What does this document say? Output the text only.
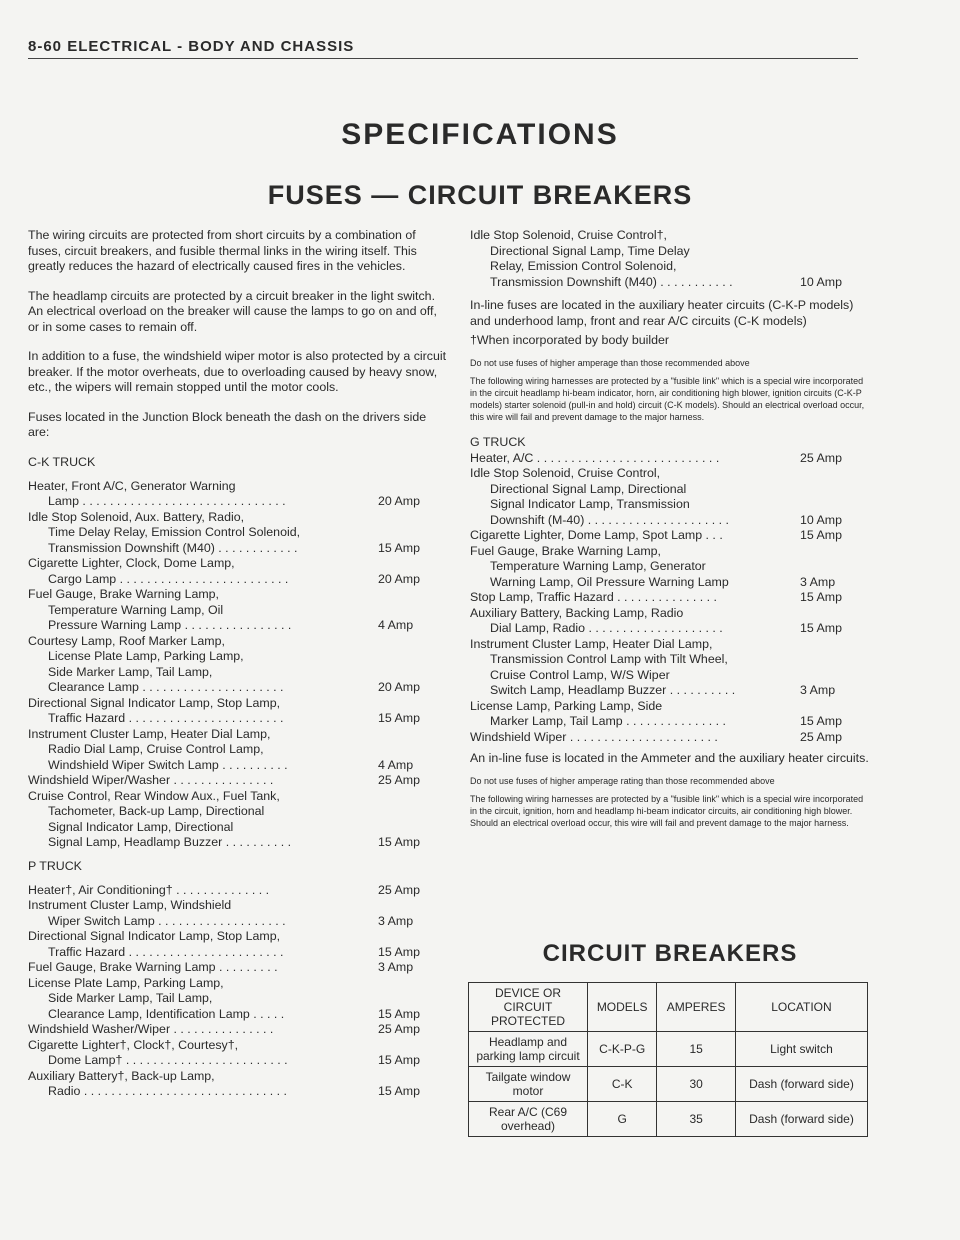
8-60 ELECTRICAL - BODY AND CHASSIS
SPECIFICATIONS
FUSES — CIRCUIT BREAKERS

The wiring circuits are protected from short circuits by a combination of fuses, circuit breakers, and fusible thermal links in the wiring itself. This greatly reduces the hazard of electrically caused fires in the vehicles.

The headlamp circuits are protected by a circuit breaker in the light switch. An electrical overload on the breaker will cause the lamps to go on and off, or in some cases to remain off.

In addition to a fuse, the windshield wiper motor is also protected by a circuit breaker. If the motor overheats, due to overloading caused by heavy snow, etc., the wipers will remain stopped until the motor cools.

Fuses located in the Junction Block beneath the dash on the drivers side are:

C-K TRUCK
Heater, Front A/C, Generator Warning
Lamp . . . . . . . . . . . . . . . . . . . . . . . . . . . . . .	20 Amp
Idle Stop Solenoid, Aux. Battery, Radio,
Time Delay Relay, Emission Control Solenoid,
Transmission Downshift (M40) . . . . . . . . . . . .	15 Amp
Cigarette Lighter, Clock, Dome Lamp,
Cargo Lamp . . . . . . . . . . . . . . . . . . . . . . . . .	20 Amp
Fuel Gauge, Brake Warning Lamp,
Temperature Warning Lamp, Oil
Pressure Warning Lamp . . . . . . . . . . . . . . . .	4 Amp
Courtesy Lamp, Roof Marker Lamp,
License Plate Lamp, Parking Lamp,
Side Marker Lamp, Tail Lamp,
Clearance Lamp . . . . . . . . . . . . . . . . . . . . .	20 Amp
Directional Signal Indicator Lamp, Stop Lamp,
Traffic Hazard . . . . . . . . . . . . . . . . . . . . . . .	15 Amp
Instrument Cluster Lamp, Heater Dial Lamp,
Radio Dial Lamp, Cruise Control Lamp,
Windshield Wiper Switch Lamp . . . . . . . . . .	4 Amp
Windshield Wiper/Washer . . . . . . . . . . . . . . .	25 Amp
Cruise Control, Rear Window Aux., Fuel Tank,
Tachometer, Back-up Lamp, Directional
Signal Indicator Lamp, Directional
Signal Lamp, Headlamp Buzzer . . . . . . . . . .	15 Amp
P TRUCK
Heater†, Air Conditioning† . . . . . . . . . . . . . .	25 Amp
Instrument Cluster Lamp, Windshield
Wiper Switch Lamp . . . . . . . . . . . . . . . . . . .	3 Amp
Directional Signal Indicator Lamp, Stop Lamp,
Traffic Hazard . . . . . . . . . . . . . . . . . . . . . . .	15 Amp
Fuel Gauge, Brake Warning Lamp . . . . . . . . .	3 Amp
License Plate Lamp, Parking Lamp,
Side Marker Lamp, Tail Lamp,
Clearance Lamp, Identification Lamp . . . . .	15 Amp
Windshield Washer/Wiper . . . . . . . . . . . . . . .	25 Amp
Cigarette Lighter†, Clock†, Courtesy†,
Dome Lamp† . . . . . . . . . . . . . . . . . . . . . . . .	15 Amp
Auxiliary Battery†, Back-up Lamp,
Radio . . . . . . . . . . . . . . . . . . . . . . . . . . . . . .	15 Amp
Idle Stop Solenoid, Cruise Control†,
Directional Signal Lamp, Time Delay
Relay, Emission Control Solenoid,
Transmission Downshift (M40) . . . . . . . . . . .	10 Amp

In-line fuses are located in the auxiliary heater circuits (C-K-P models) and underhood lamp, front and rear A/C circuits (C-K models)

†When incorporated by body builder

Do not use fuses of higher amperage than those recommended above

The following wiring harnesses are protected by a "fusible link" which is a special wire incorporated in the circuit headlamp hi-beam indicator, horn, air conditioning high blower, ignition circuits (C-K-P models) starter solenoid (pull-in and hold) circuit (C-K models). Should an electrical overload occur, this wire will fail and prevent damage to the major harness.

G TRUCK
Heater, A/C . . . . . . . . . . . . . . . . . . . . . . . . . . .	25 Amp
Idle Stop Solenoid, Cruise Control,
Directional Signal Lamp, Directional
Signal Indicator Lamp, Transmission
Downshift (M-40) . . . . . . . . . . . . . . . . . . . . .	10 Amp
Cigarette Lighter, Dome Lamp, Spot Lamp . . .	15 Amp
Fuel Gauge, Brake Warning Lamp,
Temperature Warning Lamp, Generator
Warning Lamp, Oil Pressure Warning Lamp	3 Amp
Stop Lamp, Traffic Hazard . . . . . . . . . . . . . . .	15 Amp
Auxiliary Battery, Backing Lamp, Radio
Dial Lamp, Radio . . . . . . . . . . . . . . . . . . . .	15 Amp
Instrument Cluster Lamp, Heater Dial Lamp,
Transmission Control Lamp with Tilt Wheel,
Cruise Control Lamp, W/S Wiper
Switch Lamp, Headlamp Buzzer . . . . . . . . . .	3 Amp
License Lamp, Parking Lamp, Side
Marker Lamp, Tail Lamp . . . . . . . . . . . . . . .	15 Amp
Windshield Wiper . . . . . . . . . . . . . . . . . . . . . .	25 Amp

An in-line fuse is located in the Ammeter and the auxiliary heater circuits.

Do not use fuses of higher amperage rating than those recommended above

The following wiring harnesses are protected by a "fusible link" which is a special wire incorporated in the circuit, ignition, horn and headlamp hi-beam indicator circuits, air conditioning high blower. Should an electrical overload occur, this wire will fail and prevent damage to the major harness.

CIRCUIT BREAKERS
DEVICE OR CIRCUIT PROTECTED	MODELS	AMPERES	LOCATION
Headlamp and parking lamp circuit	C-K-P-G	15	Light switch
Tailgate window motor	C-K	30	Dash (forward side)
Rear A/C (C69 overhead)	G	35	Dash (forward side)
